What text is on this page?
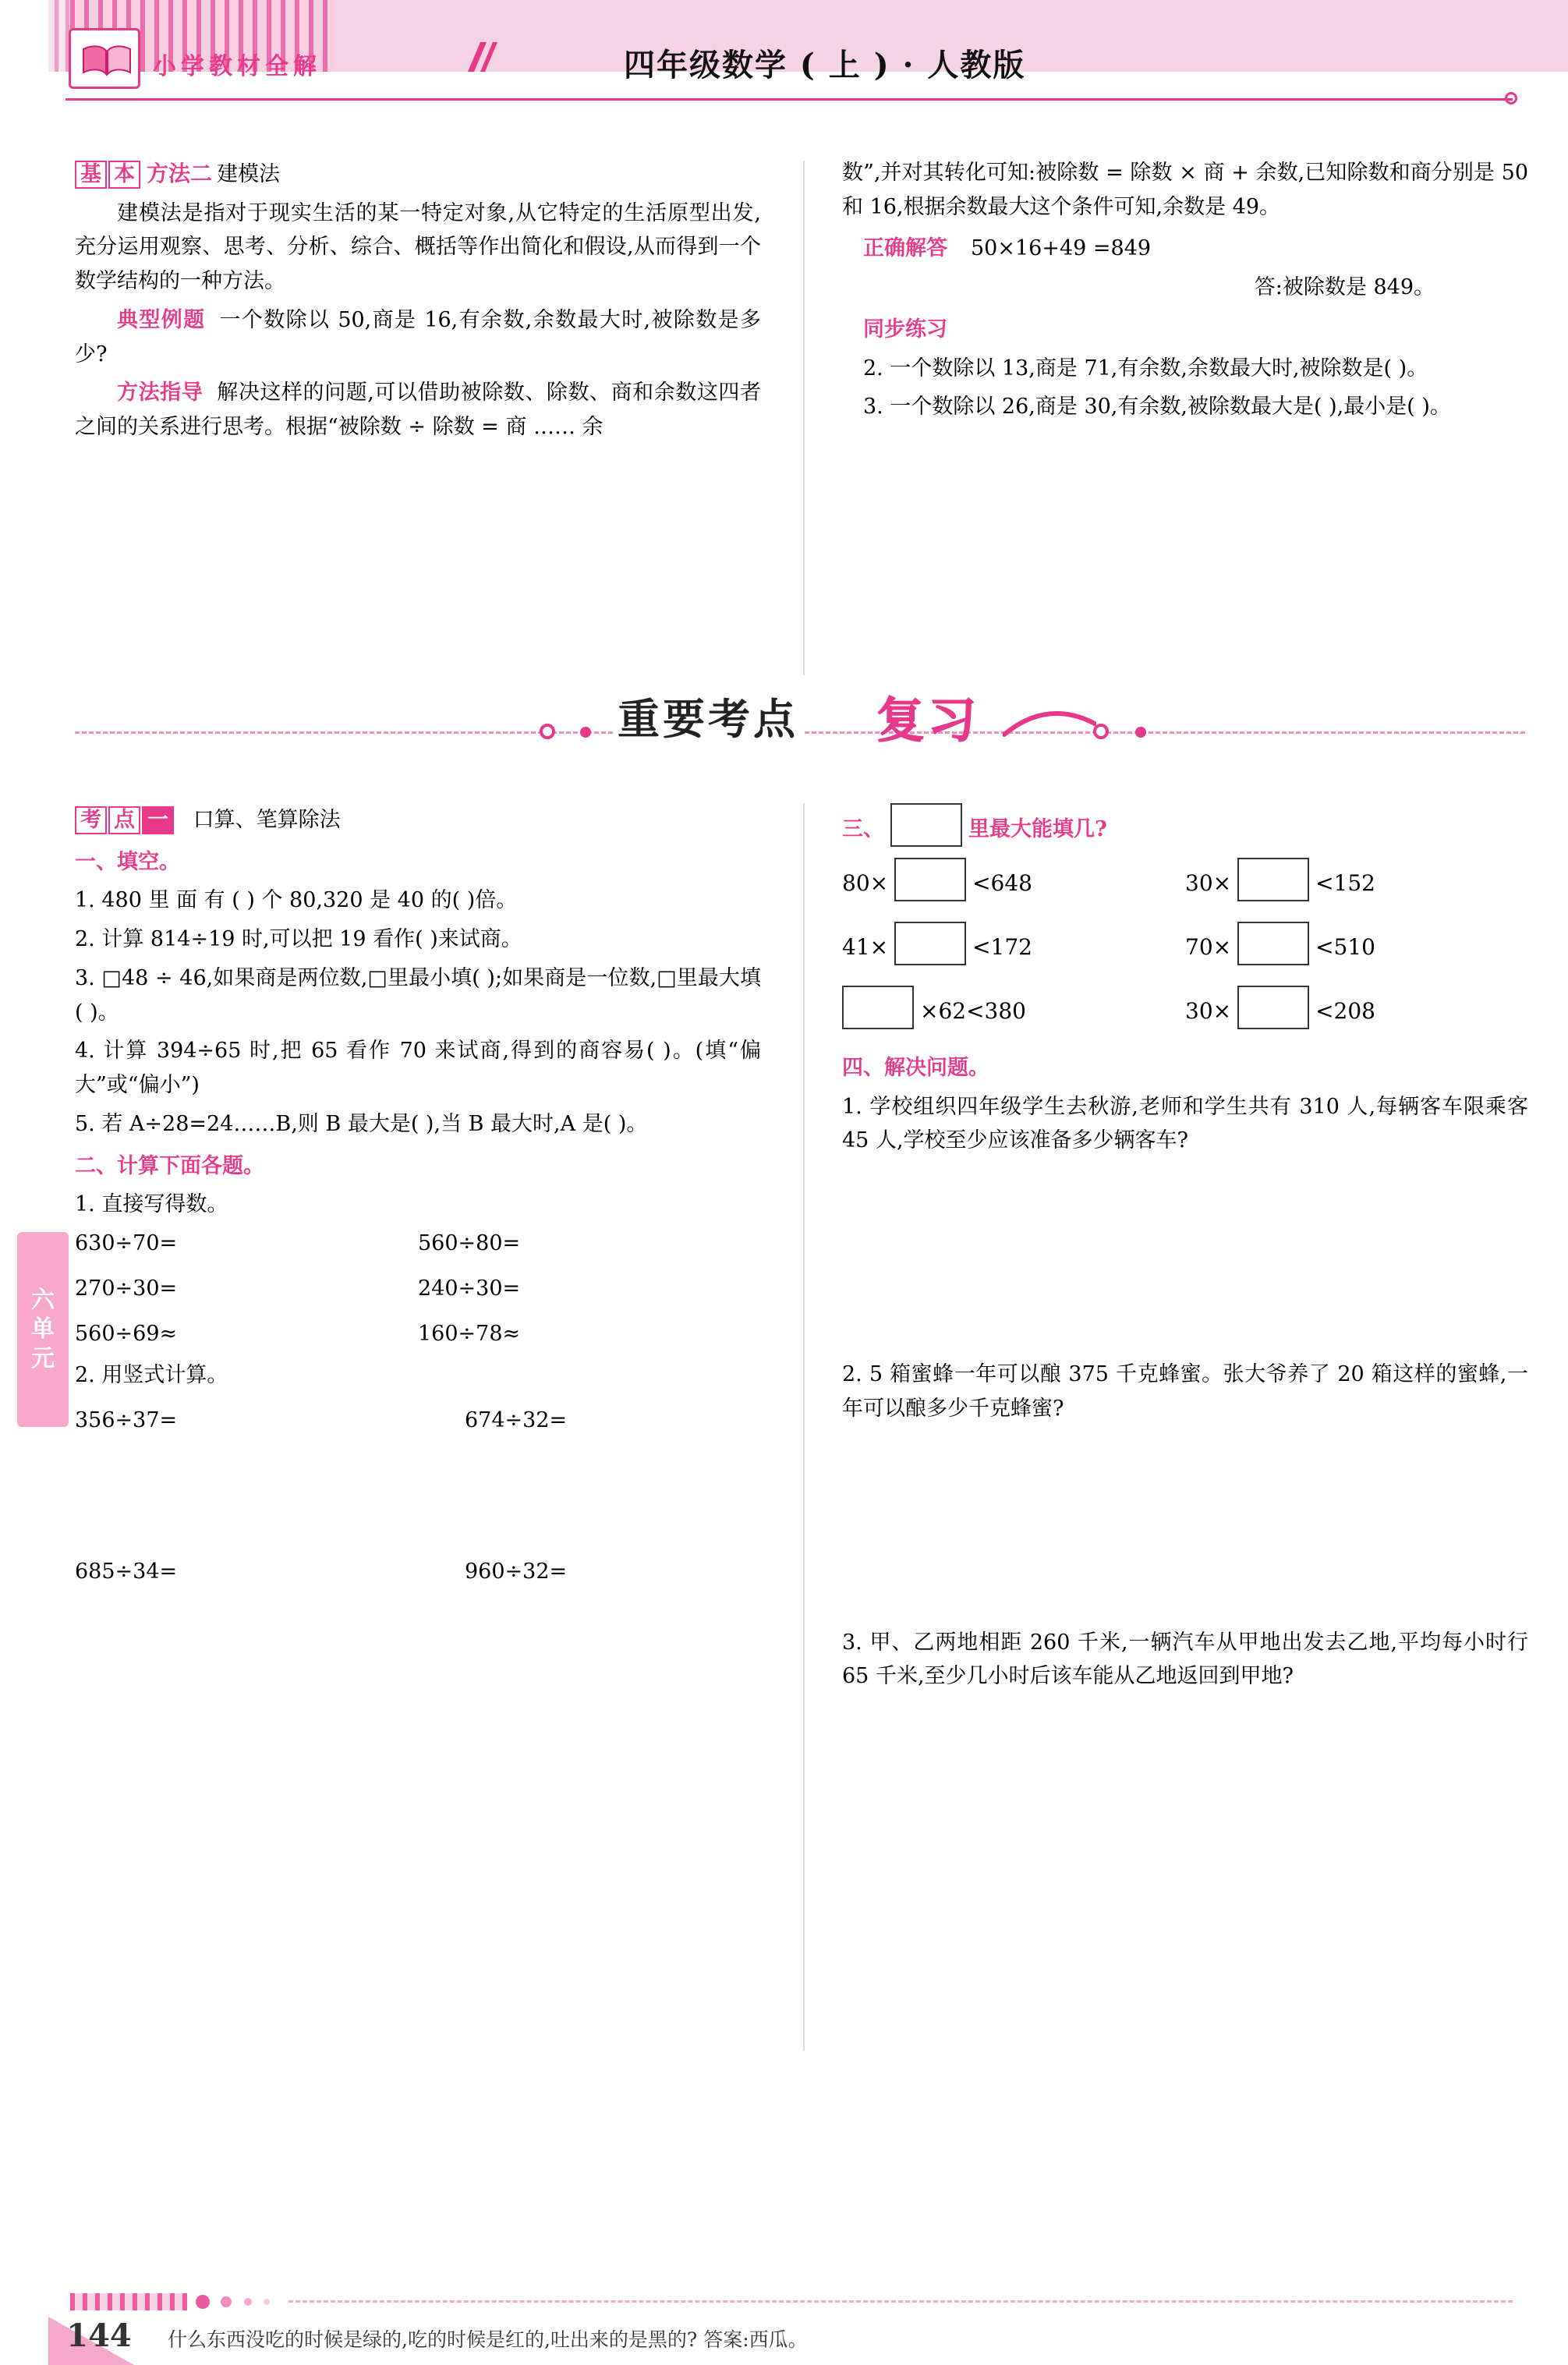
小学教材全解	四年级数学 ( 上 ) · 人教版
六
单
元

基 本 方法二 建模法

建模法是指对于现实生活的某一特定对象,从它特定的生活原型出发,充分运用观察、思考、分析、综合、概括等作出简化和假设,从而得到一个数学结构的一种方法。

典型例题 一个数除以 50,商是 16,有余数,余数最大时,被除数是多少?

方法指导 解决这样的问题,可以借助被除数、除数、商和余数这四者之间的关系进行思考。根据“被除数 ÷ 除数 = 商 …… 余

数”,并对其转化可知:被除数 = 除数 × 商 + 余数,已知除数和商分别是 50 和 16,根据余数最大这个条件可知,余数是 49。

正确解答 50×16+49 =849

答:被除数是 849。

同步练习

2. 一个数除以 13,商是 71,有余数,余数最大时,被除数是( )。

3. 一个数除以 26,商是 30,有余数,被除数最大是( ),最小是( )。

重要考点 复习

考 点 一 口算、笔算除法

一、填空。

1. 480 里 面 有 ( ) 个 80,320 是 40 的( )倍。

2. 计算 814÷19 时,可以把 19 看作( )来试商。

3. □48 ÷ 46,如果商是两位数,□里最小填( );如果商是一位数,□里最大填( )。

4. 计算 394÷65 时,把 65 看作 70 来试商,得到的商容易( )。(填“偏大”或“偏小”)

5. 若 A÷28=24……B,则 B 最大是( ),当 B 最大时,A 是( )。

二、计算下面各题。

1. 直接写得数。

630÷70=	560÷80=
270÷30=	240÷30=
560÷69≈	160÷78≈

2. 用竖式计算。

356÷37=	674÷32=
685÷34=	960÷32=

三、	里最大能填几?

80×	<648	30×	<152
41×	<172	70×	<510
×62<380	30×	<208

四、解决问题。

1. 学校组织四年级学生去秋游,老师和学生共有 310 人,每辆客车限乘客 45 人,学校至少应该准备多少辆客车?

2. 5 箱蜜蜂一年可以酿 375 千克蜂蜜。张大爷养了 20 箱这样的蜜蜂,一年可以酿多少千克蜂蜜?

3. 甲、乙两地相距 260 千米,一辆汽车从甲地出发去乙地,平均每小时行 65 千米,至少几小时后该车能从乙地返回到甲地?

144	什么东西没吃的时候是绿的,吃的时候是红的,吐出来的是黑的? 答案:西瓜。
